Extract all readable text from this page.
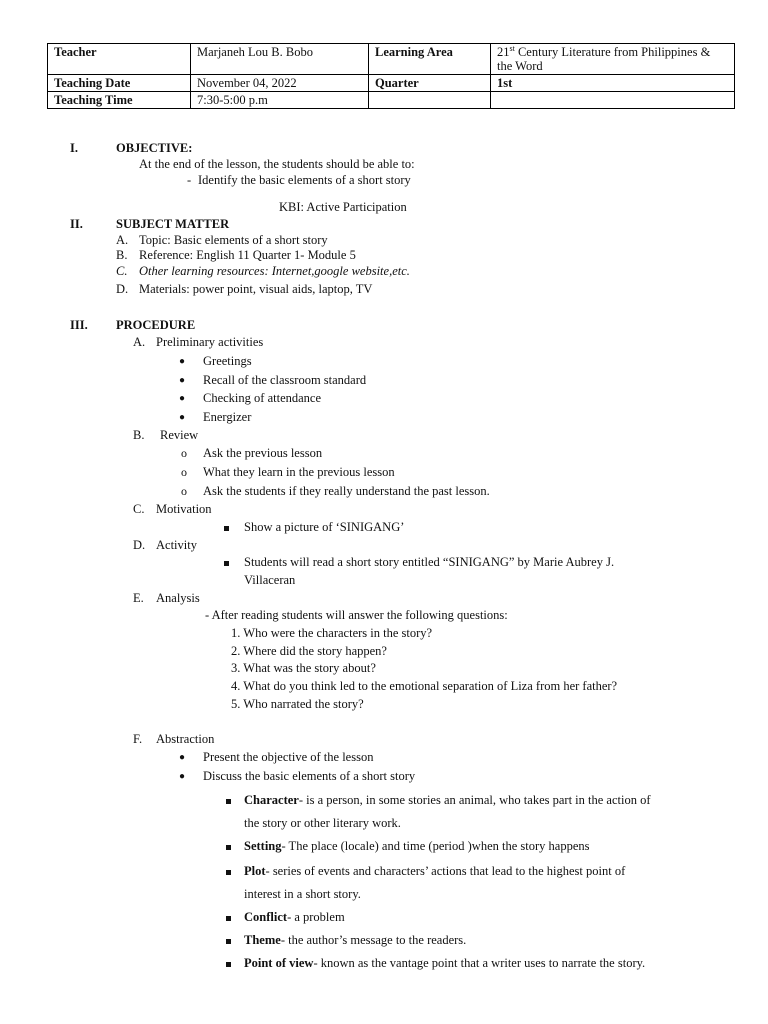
Teacher	Marjaneh Lou B. Bobo	Learning Area	21st Century Literature from Philippines & the Word
Teaching Date	November 04, 2022	Quarter	1st
Teaching Time	7:30-5:00 p.m		
I.	OBJECTIVE:
At the end of the lesson, the students should be able to:
- Identify the basic elements of a short story
KBI: Active Participation
II.	SUBJECT MATTER
A. Topic: Basic elements of a short story
B. Reference: English 11 Quarter 1- Module 5
C. Other learning resources: Internet,google website,etc.
D. Materials: power point, visual aids, laptop, TV
III. PROCEDURE
A. Preliminary activities
● Greetings
● Recall of the classroom standard
● Checking of attendance
● Energizer
B. Review
o Ask the previous lesson
o What they learn in the previous lesson
o Ask the students if they really understand the past lesson.
C. Motivation
Show a picture of ‘SINIGANG’
D. Activity
Students will read a short story entitled “SINIGANG” by Marie Aubrey J.
Villaceran
E. Analysis
- After reading students will answer the following questions:
1. Who were the characters in the story?
2. Where did the story happen?
3. What was the story about?
4. What do you think led to the emotional separation of Liza from her father?
5. Who narrated the story?
F. Abstraction
● Present the objective of the lesson
● Discuss the basic elements of a short story
Character- is a person, in some stories an animal, who takes part in the action of
the story or other literary work.
Setting- The place (locale) and time (period )when the story happens
Plot- series of events and characters’ actions that lead to the highest point of
interest in a short story.
Conflict- a problem
Theme- the author’s message to the readers.
Point of view- known as the vantage point that a writer uses to narrate the story.
